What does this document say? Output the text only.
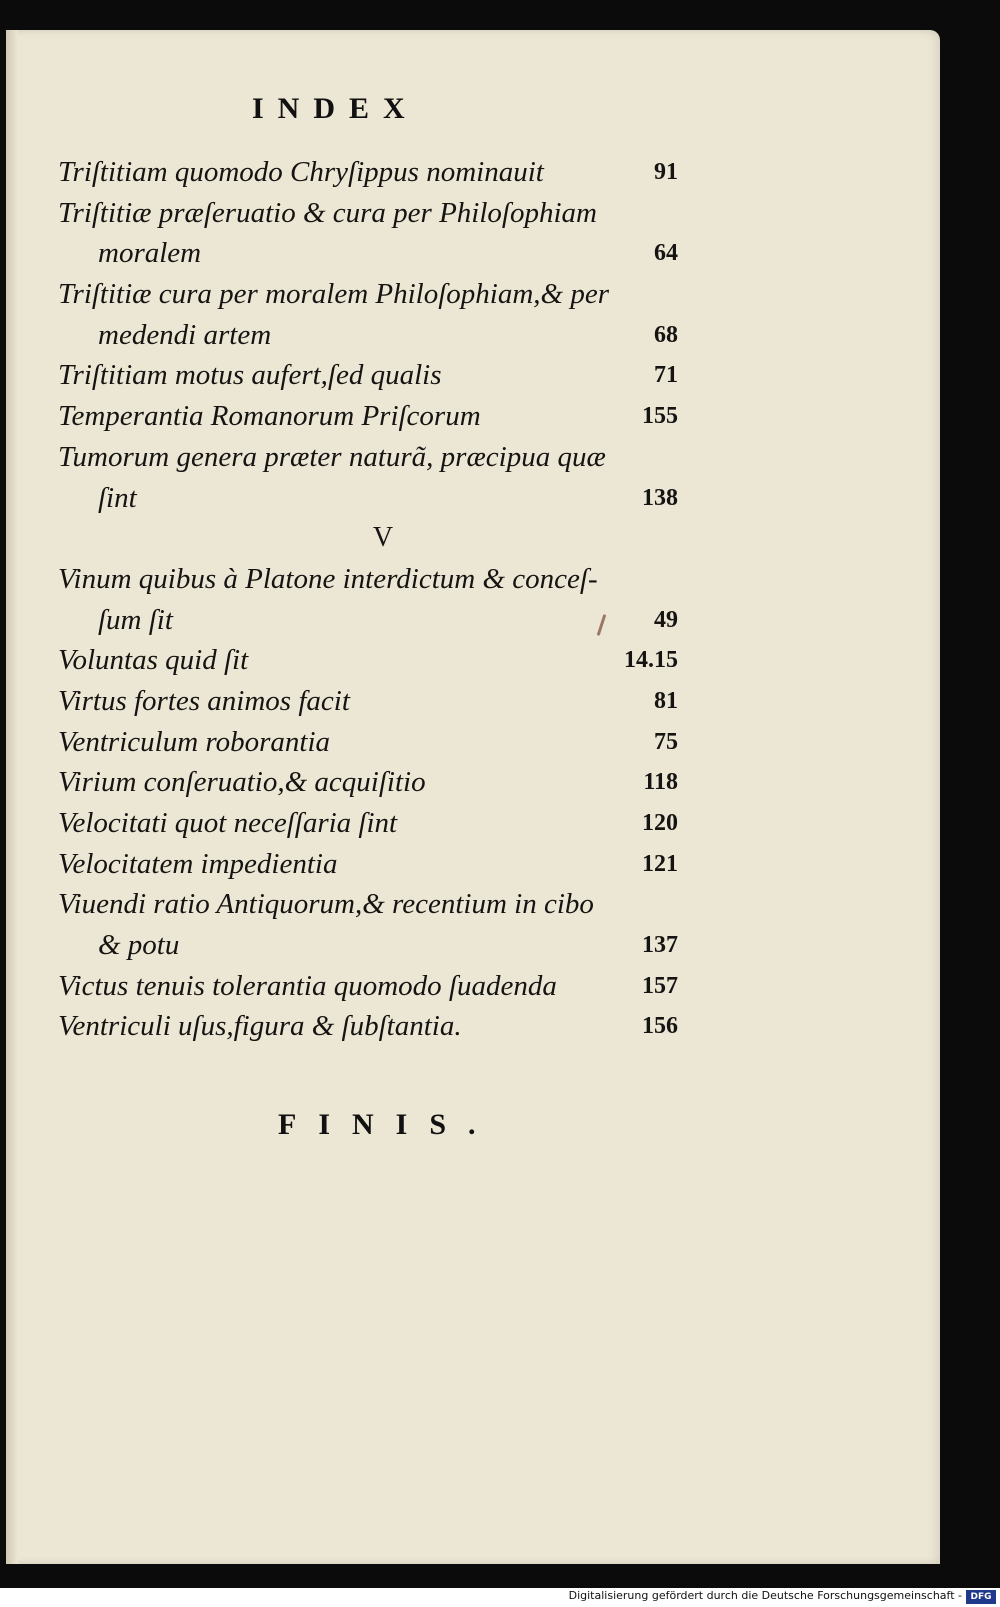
INDEX
Triſtitiam quomodo Chryſippus nominauit	91
Triſtitiæ præſeruatio & cura per Philoſophiam
moralem	64
Triſtitiæ cura per moralem Philoſophiam,& per
medendi artem	68
Triſtitiam motus aufert,ſed qualis	71
Temperantia Romanorum Priſcorum	155
Tumorum genera præter naturã, præcipua quæ
ſint	138
V
Vinum quibus à Platone interdictum & conceſ-
ſum ſit	49
Voluntas quid ſit	14.15
Virtus fortes animos facit	81
Ventriculum roborantia	75
Virium conſeruatio,& acquiſitio	118
Velocitati quot neceſſaria ſint	120
Velocitatem impedientia	121
Viuendi ratio Antiquorum,& recentium in cibo
& potu	137
Victus tenuis tolerantia quomodo ſuadenda	157
Ventriculi uſus,figura & ſubſtantia.	156
FINIS.
Digitalisierung gefördert durch die Deutsche Forschungsgemeinschaft - DFG
